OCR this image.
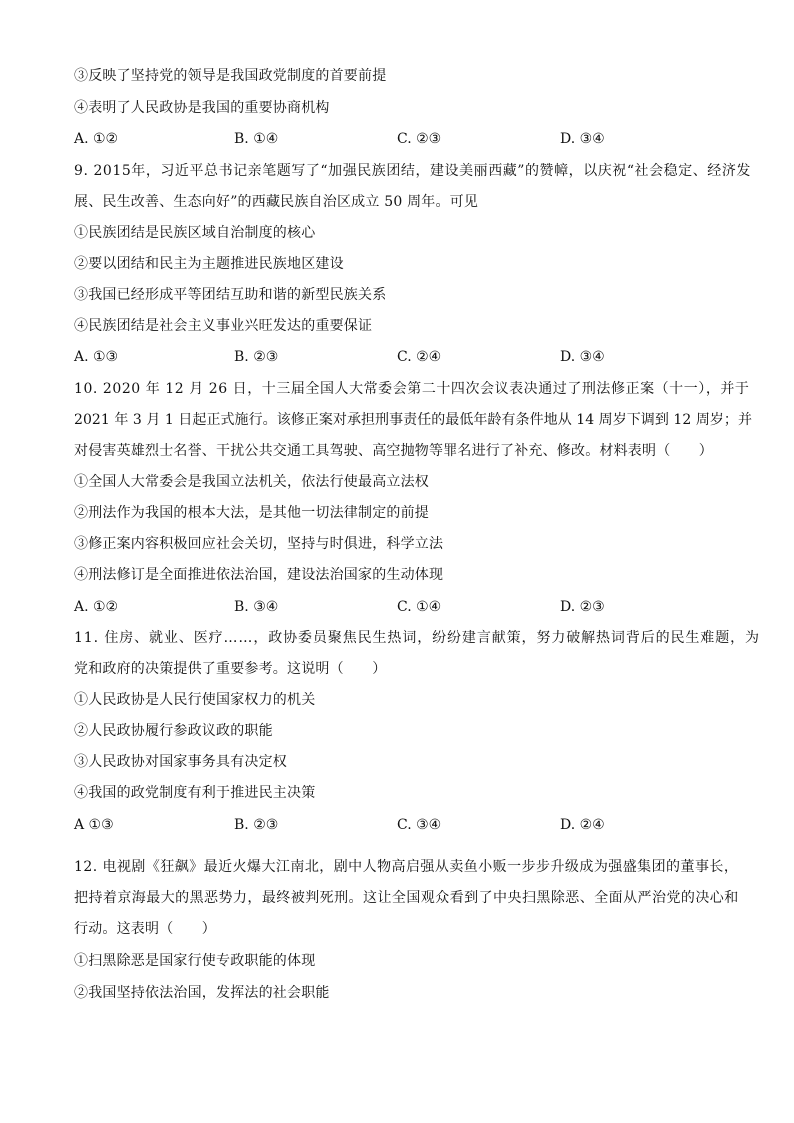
③反映了坚持党的领导是我国政党制度的首要前提
④表明了人民政协是我国的重要协商机构
A. ①②	B. ①④	C. ②③	D. ③④
9. 2015年，习近平总书记亲笔题写了“加强民族团结，建设美丽西藏”的赞幛，以庆祝“社会稳定、经济发
展、民生改善、生态向好”的西藏民族自治区成立 50 周年。可见
①民族团结是民族区域自治制度的核心
②要以团结和民主为主题推进民族地区建设
③我国已经形成平等团结互助和谐的新型民族关系
④民族团结是社会主义事业兴旺发达的重要保证
A. ①③	B. ②③	C. ②④	D. ③④
10. 2020 年 12 月 26 日，十三届全国人大常委会第二十四次会议表决通过了刑法修正案（十一），并于
2021 年 3 月 1 日起正式施行。该修正案对承担刑事责任的最低年龄有条件地从 14 周岁下调到 12 周岁；并
对侵害英雄烈士名誉、干扰公共交通工具驾驶、高空抛物等罪名进行了补充、修改。材料表明（　　）
①全国人大常委会是我国立法机关，依法行使最高立法权
②刑法作为我国的根本大法，是其他一切法律制定的前提
③修正案内容积极回应社会关切，坚持与时俱进，科学立法
④刑法修订是全面推进依法治国，建设法治国家的生动体现
A. ①②	B. ③④	C. ①④	D. ②③
11. 住房、就业、医疗……，政协委员聚焦民生热词，纷纷建言献策，努力破解热词背后的民生难题，为
党和政府的决策提供了重要参考。这说明（　　）
①人民政协是人民行使国家权力的机关
②人民政协履行参政议政的职能
③人民政协对国家事务具有决定权
④我国的政党制度有利于推进民主决策
A ①③	B. ②③	C. ③④	D. ②④
12. 电视剧《狂飙》最近火爆大江南北，剧中人物高启强从卖鱼小贩一步步升级成为强盛集团的董事长，
把持着京海最大的黑恶势力，最终被判死刑。这让全国观众看到了中央扫黑除恶、全面从严治党的决心和
行动。这表明（　　）
①扫黑除恶是国家行使专政职能的体现
②我国坚持依法治国，发挥法的社会职能
